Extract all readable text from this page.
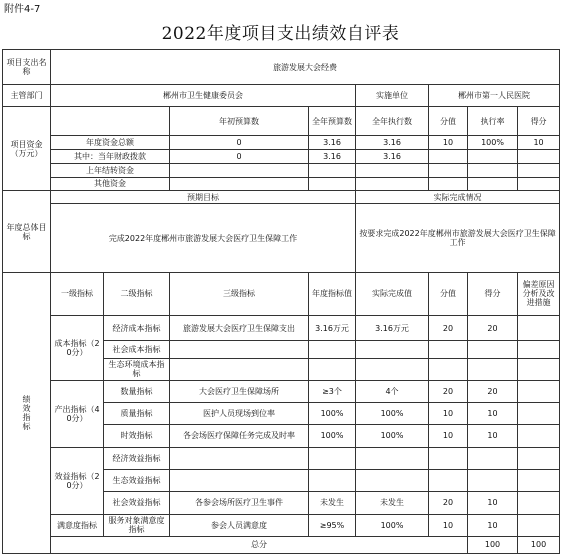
附件4-7
2022年度项目支出绩效自评表
项目支出名称	旅游发展大会经费								
主管部门	郴州市卫生健康委员会				实施单位	郴州市第一人民医院			
项目资金（万元）			年初预算数	全年预算数	全年执行数	分值	执行率	得分	
	年度资金总额		0	3.16	3.16	10	100%	10	
	其中：当年财政拨款		0	3.16	3.16				
	上年结转资金								
	其他资金								
年度总体目标	预期目标				实际完成情况				
	完成2022年度郴州市旅游发展大会医疗卫生保障工作				按要求完成2022年度郴州市旅游发展大会医疗卫生保障工作				
绩效指标	一级指标	二级指标	三级指标	年度指标值	实际完成值	分值	得分	偏差原因分析及改进措施	
	成本指标（20分）	经济成本指标	旅游发展大会医疗卫生保障支出	3.16万元	3.16万元	20	20		
		社会成本指标							
		生态环境成本指标							
	产出指标（40分）	数量指标	大会医疗卫生保障场所	≥3个	4个	20	20		
		质量指标	医护人员现场到位率	100%	100%	10	10		
		时效指标	各会场医疗保障任务完成及时率	100%	100%	10	10		
	效益指标（20分）	经济效益指标							
		生态效益指标							
		社会效益指标	各参会场所医疗卫生事件	未发生	未发生	20	10		
	满意度指标	服务对象满意度指标	参会人员满意度	≥95%	100%	10	10		
	总分						100	100	
